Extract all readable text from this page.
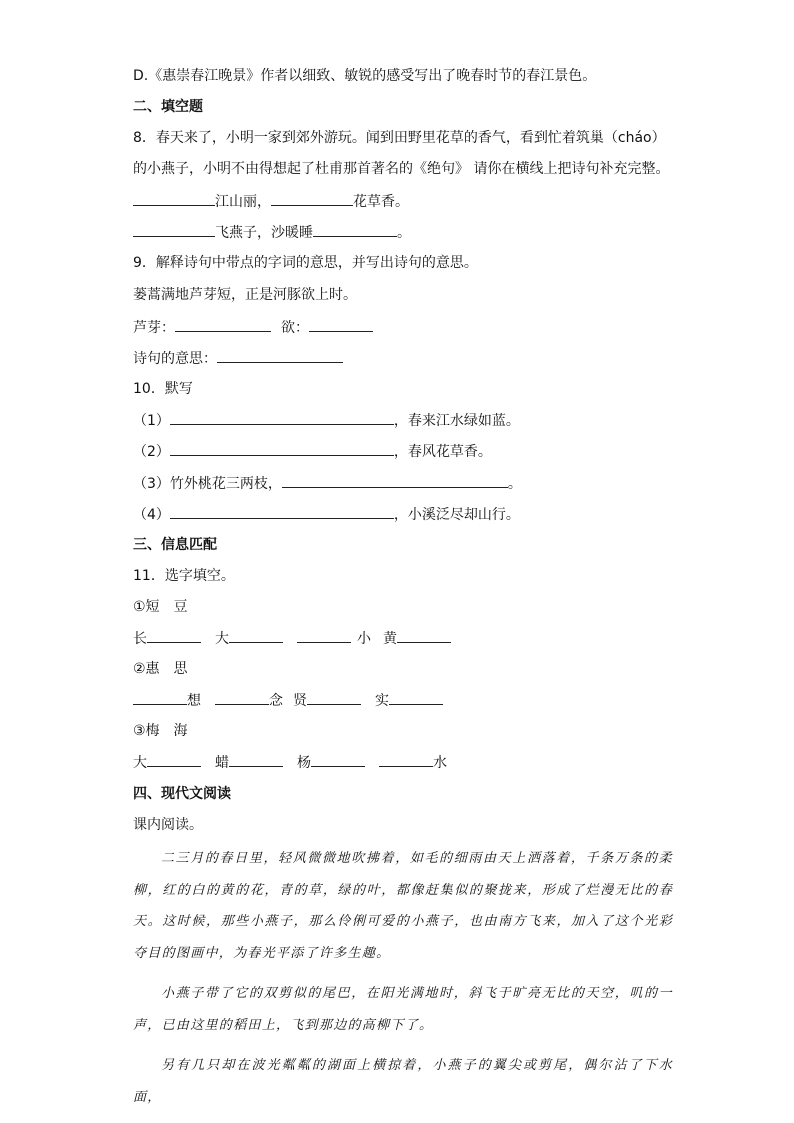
D.《惠崇春江晚景》作者以细致、敏锐的感受写出了晚春时节的春江景色。
二、填空题
8．春天来了，小明一家到郊外游玩。闻到田野里花草的香气，看到忙着筑巢（cháo）
的小燕子，小明不由得想起了杜甫那首著名的《绝句》 请你在横线上把诗句补充完整。
江山丽，	花草香。
飞燕子，沙暖睡	。
9．解释诗句中带点的字词的意思，并写出诗句的意思。
蒌蒿满地芦芽短，正是河豚欲上时。
芦芽：	欲：
诗句的意思：
10．默写
（1）	，春来江水绿如蓝。
（2）	，春风花草香。
（3）竹外桃花三两枝，	。
（4）	，小溪泛尽却山行。
三、信息匹配
11．选字填空。
①短　豆
长	大	小 黄
②惠　思
想	念 贤	实
③梅　海
大	蜡	杨	水
四、现代文阅读
课内阅读。

二三月的春日里，轻风微微地吹拂着，如毛的细雨由天上洒落着，千条万条的柔柳，红的白的黄的花，青的草，绿的叶，都像赶集似的聚拢来，形成了烂漫无比的春天。这时候，那些小燕子，那么伶俐可爱的小燕子，也由南方飞来，加入了这个光彩夺目的图画中，为春光平添了许多生趣。

小燕子带了它的双剪似的尾巴，在阳光满地时，斜飞于旷亮无比的天空，叽的一声，已由这里的稻田上，飞到那边的高柳下了。

另有几只却在波光粼粼的湖面上横掠着，小燕子的翼尖或剪尾，偶尔沾了下水面，
